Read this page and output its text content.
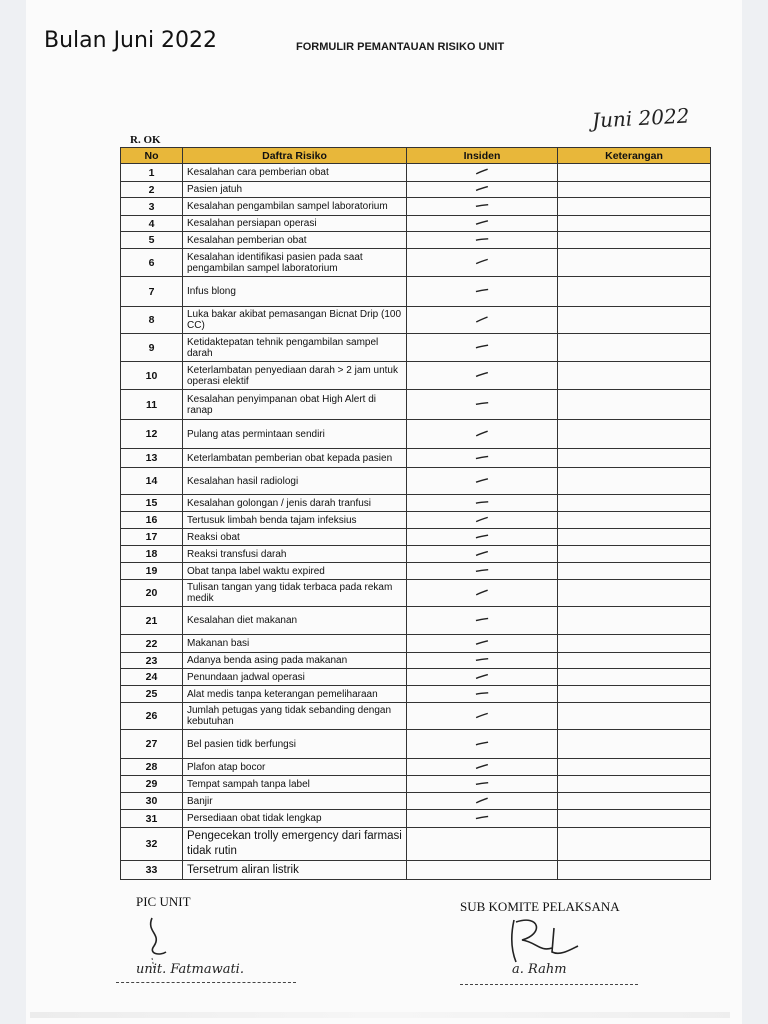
Bulan Juni 2022	FORMULIR PEMANTAUAN RISIKO UNIT
Juni 2022
R. OK
No	Daftra Risiko	Insiden	Keterangan
1	Kesalahan cara pemberian obat		
2	Pasien jatuh		
3	Kesalahan pengambilan sampel laboratorium		
4	Kesalahan persiapan operasi		
5	Kesalahan pemberian obat		
6	Kesalahan identifikasi pasien pada saat pengambilan sampel laboratorium		
7	Infus blong		
8	Luka bakar akibat pemasangan Bicnat Drip (100 CC)		
9	Ketidaktepatan tehnik pengambilan sampel darah		
10	Keterlambatan penyediaan darah > 2 jam untuk operasi elektif		
11	Kesalahan penyimpanan obat High Alert di ranap		
12	Pulang atas permintaan sendiri		
13	Keterlambatan pemberian obat kepada pasien		
14	Kesalahan hasil radiologi		
15	Kesalahan golongan / jenis darah tranfusi		
16	Tertusuk limbah benda tajam infeksius		
17	Reaksi obat		
18	Reaksi transfusi darah		
19	Obat tanpa label waktu expired		
20	Tulisan tangan yang tidak terbaca pada rekam medik		
21	Kesalahan diet makanan		
22	Makanan basi		
23	Adanya benda asing pada makanan		
24	Penundaan jadwal operasi		
25	Alat medis tanpa keterangan pemeliharaan		
26	Jumlah petugas yang tidak sebanding dengan kebutuhan		
27	Bel pasien tidk berfungsi		
28	Plafon atap bocor		
29	Tempat sampah tanpa label		
30	Banjir		
31	Persediaan obat tidak lengkap		
32	Pengecekan trolly emergency dari farmasi tidak rutin		
33	Tersetrum aliran listrik		
PIC UNIT	SUB KOMITE PELAKSANA
unit. Fatmawati.	a. Rahm
